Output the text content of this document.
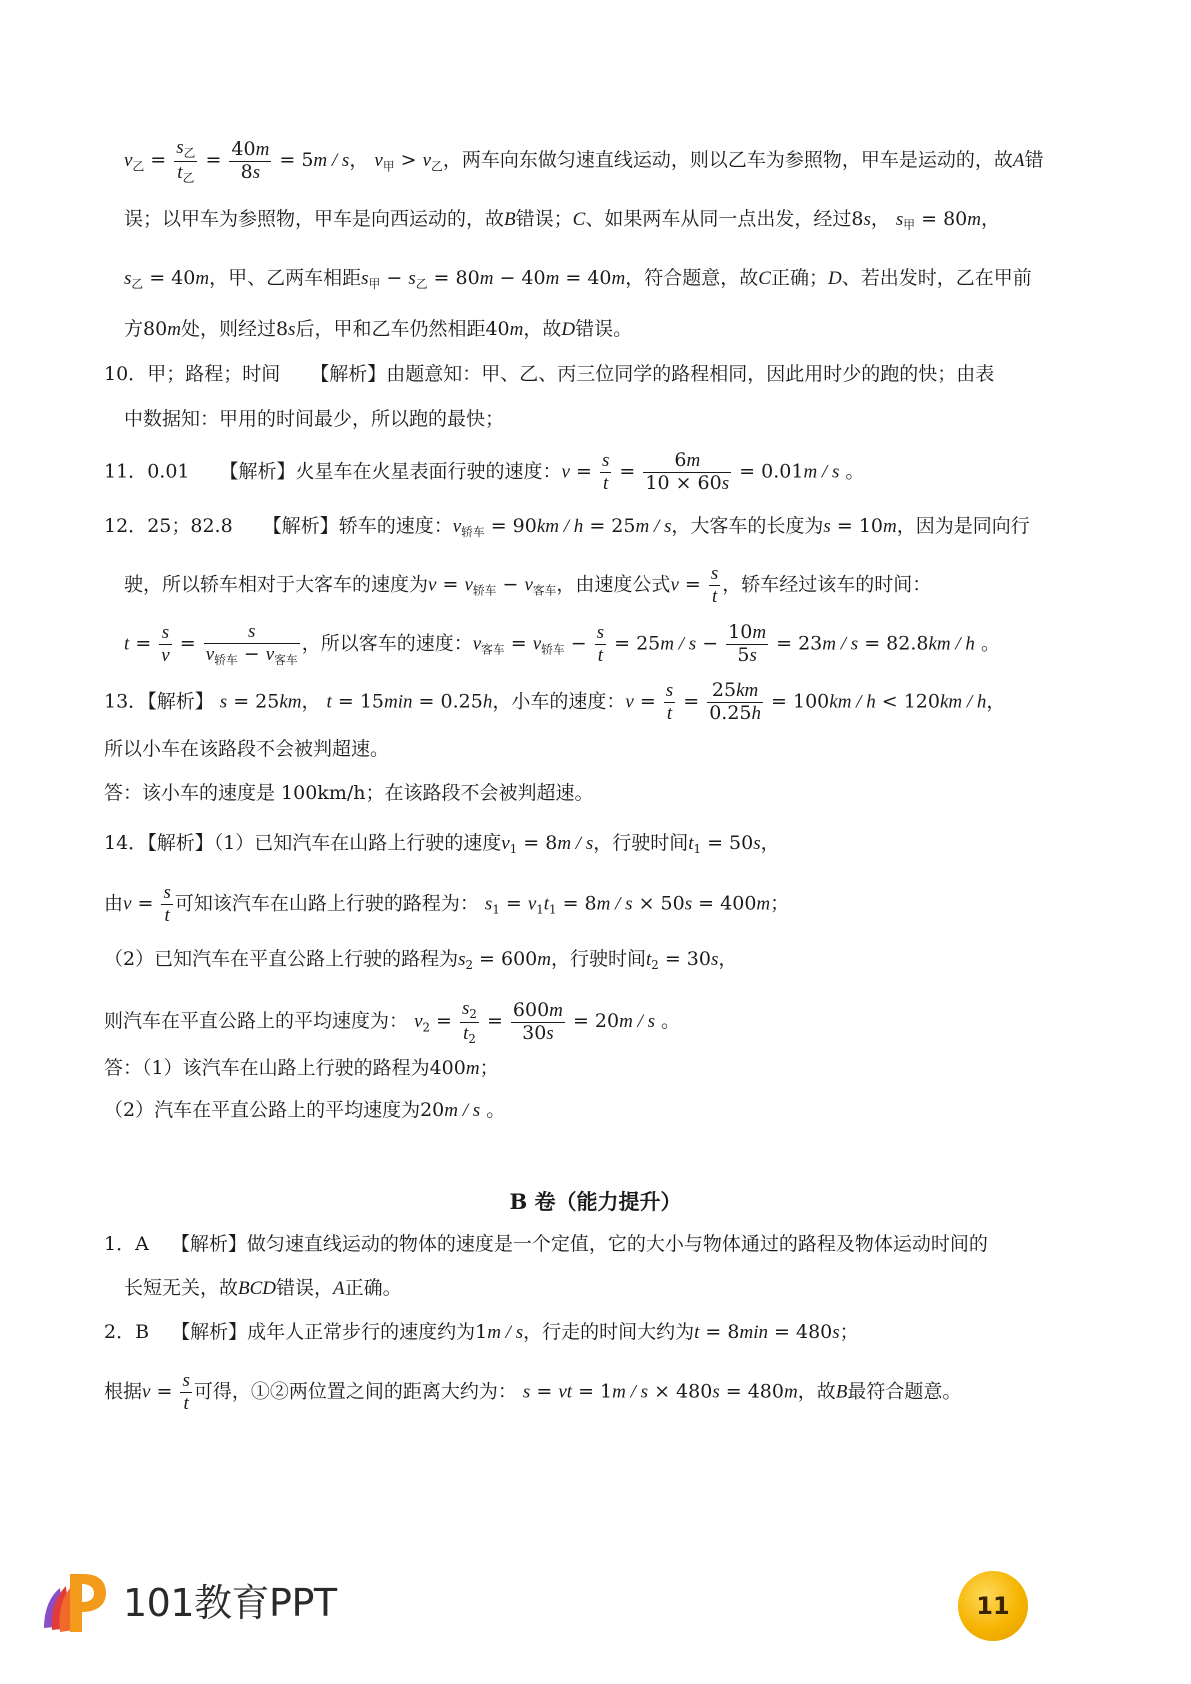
$v_乙$ =
$s_乙$
$t_乙$
= $\frac{40m}{8s} = 5m / s$， $v_甲 > v_乙$，两车向东做匀速直线运动，则以乙车为参照物，甲车是运动的，故A错
误；以甲车为参照物，甲车是向西运动的，故B错误；C、如果两车从同一点出发，经过8s， $s_甲 = 80m$，
$s_乙 = 40m$，甲、乙两车相距$s_甲 - s_乙 = 80m - 40m = 40m$，符合题意，故C正确；D、若出发时，乙在甲前
方80m处，则经过8s后，甲和乙车仍然相距40m，故D错误。
10．甲；路程；时间 【解析】由题意知：甲、乙、丙三位同学的路程相同，因此用时少的跑的快；由表
中数据知：甲用的时间最少，所以跑的最快；
11．0.01 【解析】火星车在火星表面行驶的速度：$v = \frac{s}{t} = \frac{6m}{10 \times 60s} = 0.01m / s$ 。
12．25；82.8 【解析】轿车的速度：$v_{轿车} = 90km / h = 25m / s$，大客车的长度为s = 10m，因为是同向行
驶，所以轿车相对于大客车的速度为$v = v_{轿车} - v_{客车}$，由速度公式$v = \frac{s}{t}$ ，轿车经过该车的时间：
$t = \frac{s}{v}$ =
s
$v_{轿车} - v_{客车}$
，所以客车的速度：$v_{客车} = v_{轿车} - \frac{s}{t} = 25m / s - \frac{10m}{5s} = 23m / s = 82.8km / h$ 。
13．【解析】 s = 25km， t = 15min = 0.25h，小车的速度：$v = \frac{s}{t} = \frac{25km}{0.25h} = 100km / h < 120km / h$，
所以小车在该路段不会被判超速。
答：该小车的速度是 100km/h；在该路段不会被判超速。
14．【解析】（1）已知汽车在山路上行驶的速度$v_1 = 8m / s$，行驶时间$t_1 = 50s$，
由$v = \frac{s}{t}$ 可知该汽车在山路上行驶的路程为： $s_1 = v_1t_1 = 8m / s \times 50s = 400m$；
（2）已知汽车在平直公路上行驶的路程为$s_2 = 600m$，行驶时间$t_2 = 30s$，
则汽车在平直公路上的平均速度为： $v_2 = \frac{s_2}{t_2} = \frac{600m}{30s} = 20m / s$ 。
答：（1）该汽车在山路上行驶的路程为400m；
（2）汽车在平直公路上的平均速度为20m / s 。
B 卷（能力提升）
1．A 【解析】做匀速直线运动的物体的速度是一个定值，它的大小与物体通过的路程及物体运动时间的
长短无关，故BCD错误，A正确。
2．B 【解析】成年人正常步行的速度约为1m / s，行走的时间大约为t = 8min = 480s；
根据$v = \frac{s}{t}$ 可得，①②两位置之间的距离大约为： s = vt = 1m / s × 480s = 480m，故B最符合题意。
101教育PPT	11
